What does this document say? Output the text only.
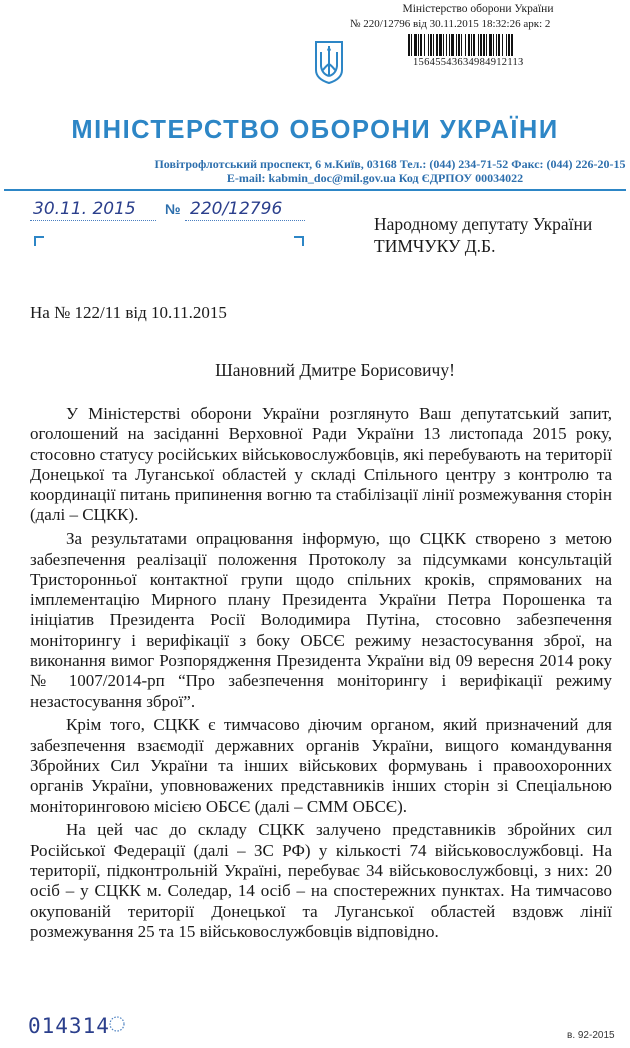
Міністерство оборони України
№ 220/12796 від 30.11.2015 18:32:26 арк: 2
1564554363498491211З
МІНІСТЕРСТВО ОБОРОНИ УКРАЇНИ
Повітрофлотський проспект, 6 м.Київ, 03168 Тел.: (044) 234-71-52 Факс: (044) 226-20-15
E-mail: kabmin_doc@mil.gov.ua Код ЄДРПОУ 00034022
30.11. 2015 № 220/12796
Народному депутату України
ТИМЧУКУ Д.Б.
На № 122/11 від 10.11.2015
Шановний Дмитре Борисовичу!

У Міністерстві оборони України розглянуто Ваш депутатський запит, оголошений на засіданні Верховної Ради України 13 листопада 2015 року, стосовно статусу російських військовослужбовців, які перебувають на території Донецької та Луганської областей у складі Спільного центру з контролю та координації питань припинення вогню та стабілізації лінії розмежування сторін (далі – СЦКК).

За результатами опрацювання інформую, що СЦКК створено з метою забезпечення реалізації положення Протоколу за підсумками консультацій Тристоронньої контактної групи щодо спільних кроків, спрямованих на імплементацію Мирного плану Президента України Петра Порошенка та ініціатив Президента Росії Володимира Путіна, стосовно забезпечення моніторингу і верифікації з боку ОБСЄ режиму незастосування зброї, на виконання вимог Розпорядження Президента України від 09 вересня 2014 року № 1007/2014-рп “Про забезпечення моніторингу і верифікації режиму незастосування зброї”.

Крім того, СЦКК є тимчасово діючим органом, який призначений для забезпечення взаємодії державних органів України, вищого командування Збройних Сил України та інших військових формувань і правоохоронних органів України, уповноважених представників інших сторін зі Спеціальною моніторинговою місією ОБСЄ (далі – СММ ОБСЄ).

На цей час до складу СЦКК залучено представників збройних сил Російської Федерації (далі – ЗС РФ) у кількості 74 військовослужбовці. На території, підконтрольній Україні, перебуває 34 військовослужбовці, з них: 20 осіб – у СЦКК м. Соледар, 14 осіб – на спостережних пунктах. На тимчасово окупованій території Донецької та Луганської областей вздовж лінії розмежування 25 та 15 військовослужбовців відповідно.

014314	в. 92-2015
